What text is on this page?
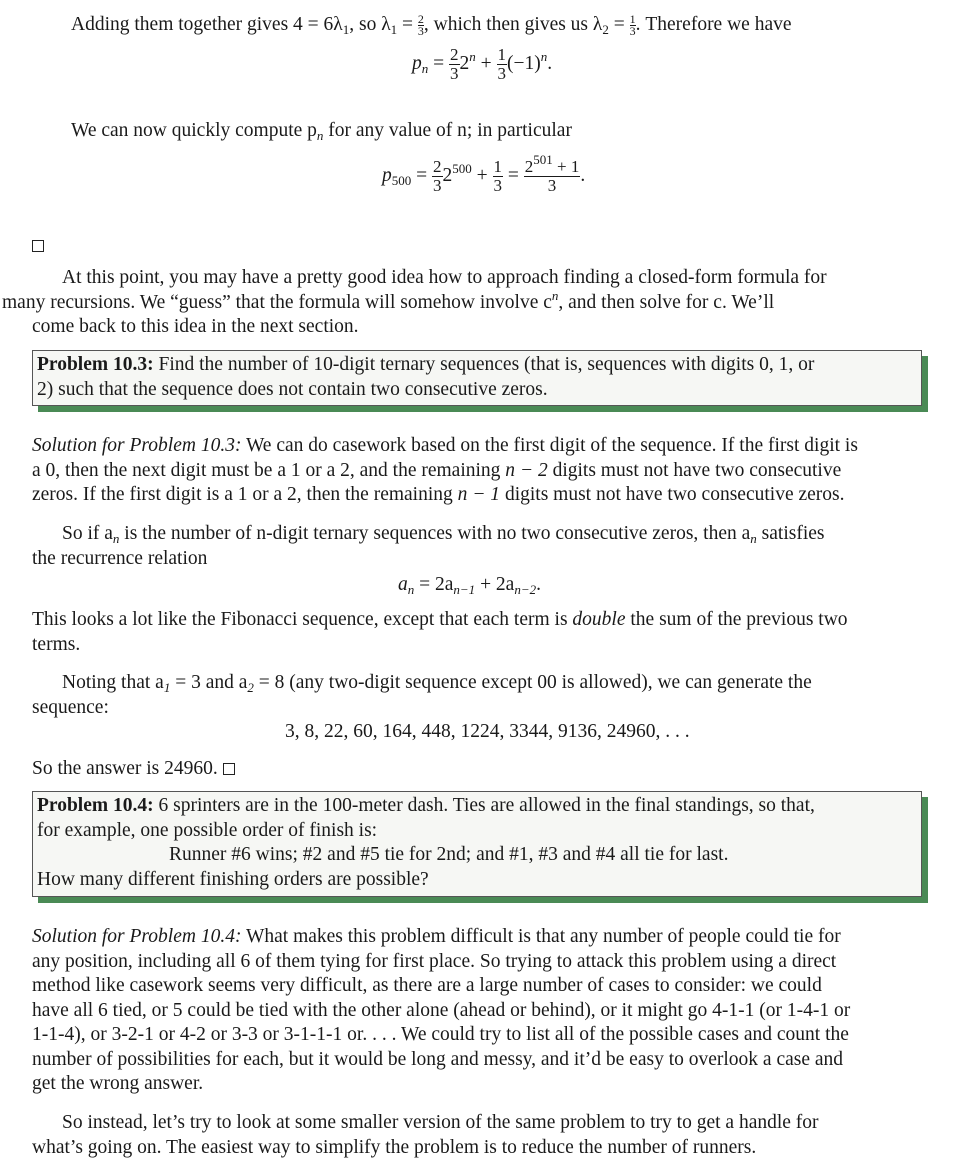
Adding them together gives $4 = 6\lambda_1$, so $\lambda_1 = \frac{2}{3}$ , which then gives us $\lambda_2 = \frac{1}{3}$ . Therefore we have
$p_n = \frac{2}{3} 2^n + \frac{1}{3} (-1)^n$.
We can now quickly compute $p_n$ for any value of n; in particular
$p_{500} = \frac{2}{3} 2^{500} + \frac{1}{3} = \frac{2^{501} + 1}{3}$ .
At this point, you may have a pretty good idea how to approach finding a closed-form formula for
many recursions. We “guess” that the formula will somehow involve $c^n$, and then solve for c. We’ll
come back to this idea in the next section.
Problem 10.3: Find the number of 10-digit ternary sequences (that is, sequences with digits 0, 1, or
2) such that the sequence does not contain two consecutive zeros.
Solution for Problem 10.3: We can do casework based on the first digit of the sequence. If the first digit is
a 0, then the next digit must be a 1 or a 2, and the remaining n − 2 digits must not have two consecutive
zeros. If the first digit is a 1 or a 2, then the remaining n − 1 digits must not have two consecutive zeros.
So if $a_n$ is the number of n-digit ternary sequences with no two consecutive zeros, then $a_n$ satisfies
the recurrence relation
$a_n = 2a_{n-1} + 2a_{n-2}$.
This looks a lot like the Fibonacci sequence, except that each term is double the sum of the previous two
terms.
Noting that $a_1 = 3$ and $a_2 = 8$ (any two-digit sequence except 00 is allowed), we can generate the
sequence:
3, 8, 22, 60, 164, 448, 1224, 3344, 9136, 24960, . . .
So the answer is 24960.
Problem 10.4: 6 sprinters are in the 100-meter dash. Ties are allowed in the final standings, so that,
for example, one possible order of finish is:
Runner #6 wins; #2 and #5 tie for 2nd; and #1, #3 and #4 all tie for last.
How many different finishing orders are possible?
Solution for Problem 10.4: What makes this problem difficult is that any number of people could tie for
any position, including all 6 of them tying for first place. So trying to attack this problem using a direct
method like casework seems very difficult, as there are a large number of cases to consider: we could
have all 6 tied, or 5 could be tied with the other alone (ahead or behind), or it might go 4-1-1 (or 1-4-1 or
1-1-4), or 3-2-1 or 4-2 or 3-3 or 3-1-1-1 or. . . . We could try to list all of the possible cases and count the
number of possibilities for each, but it would be long and messy, and it’d be easy to overlook a case and
get the wrong answer.
So instead, let’s try to look at some smaller version of the same problem to try to get a handle for
what’s going on. The easiest way to simplify the problem is to reduce the number of runners.
